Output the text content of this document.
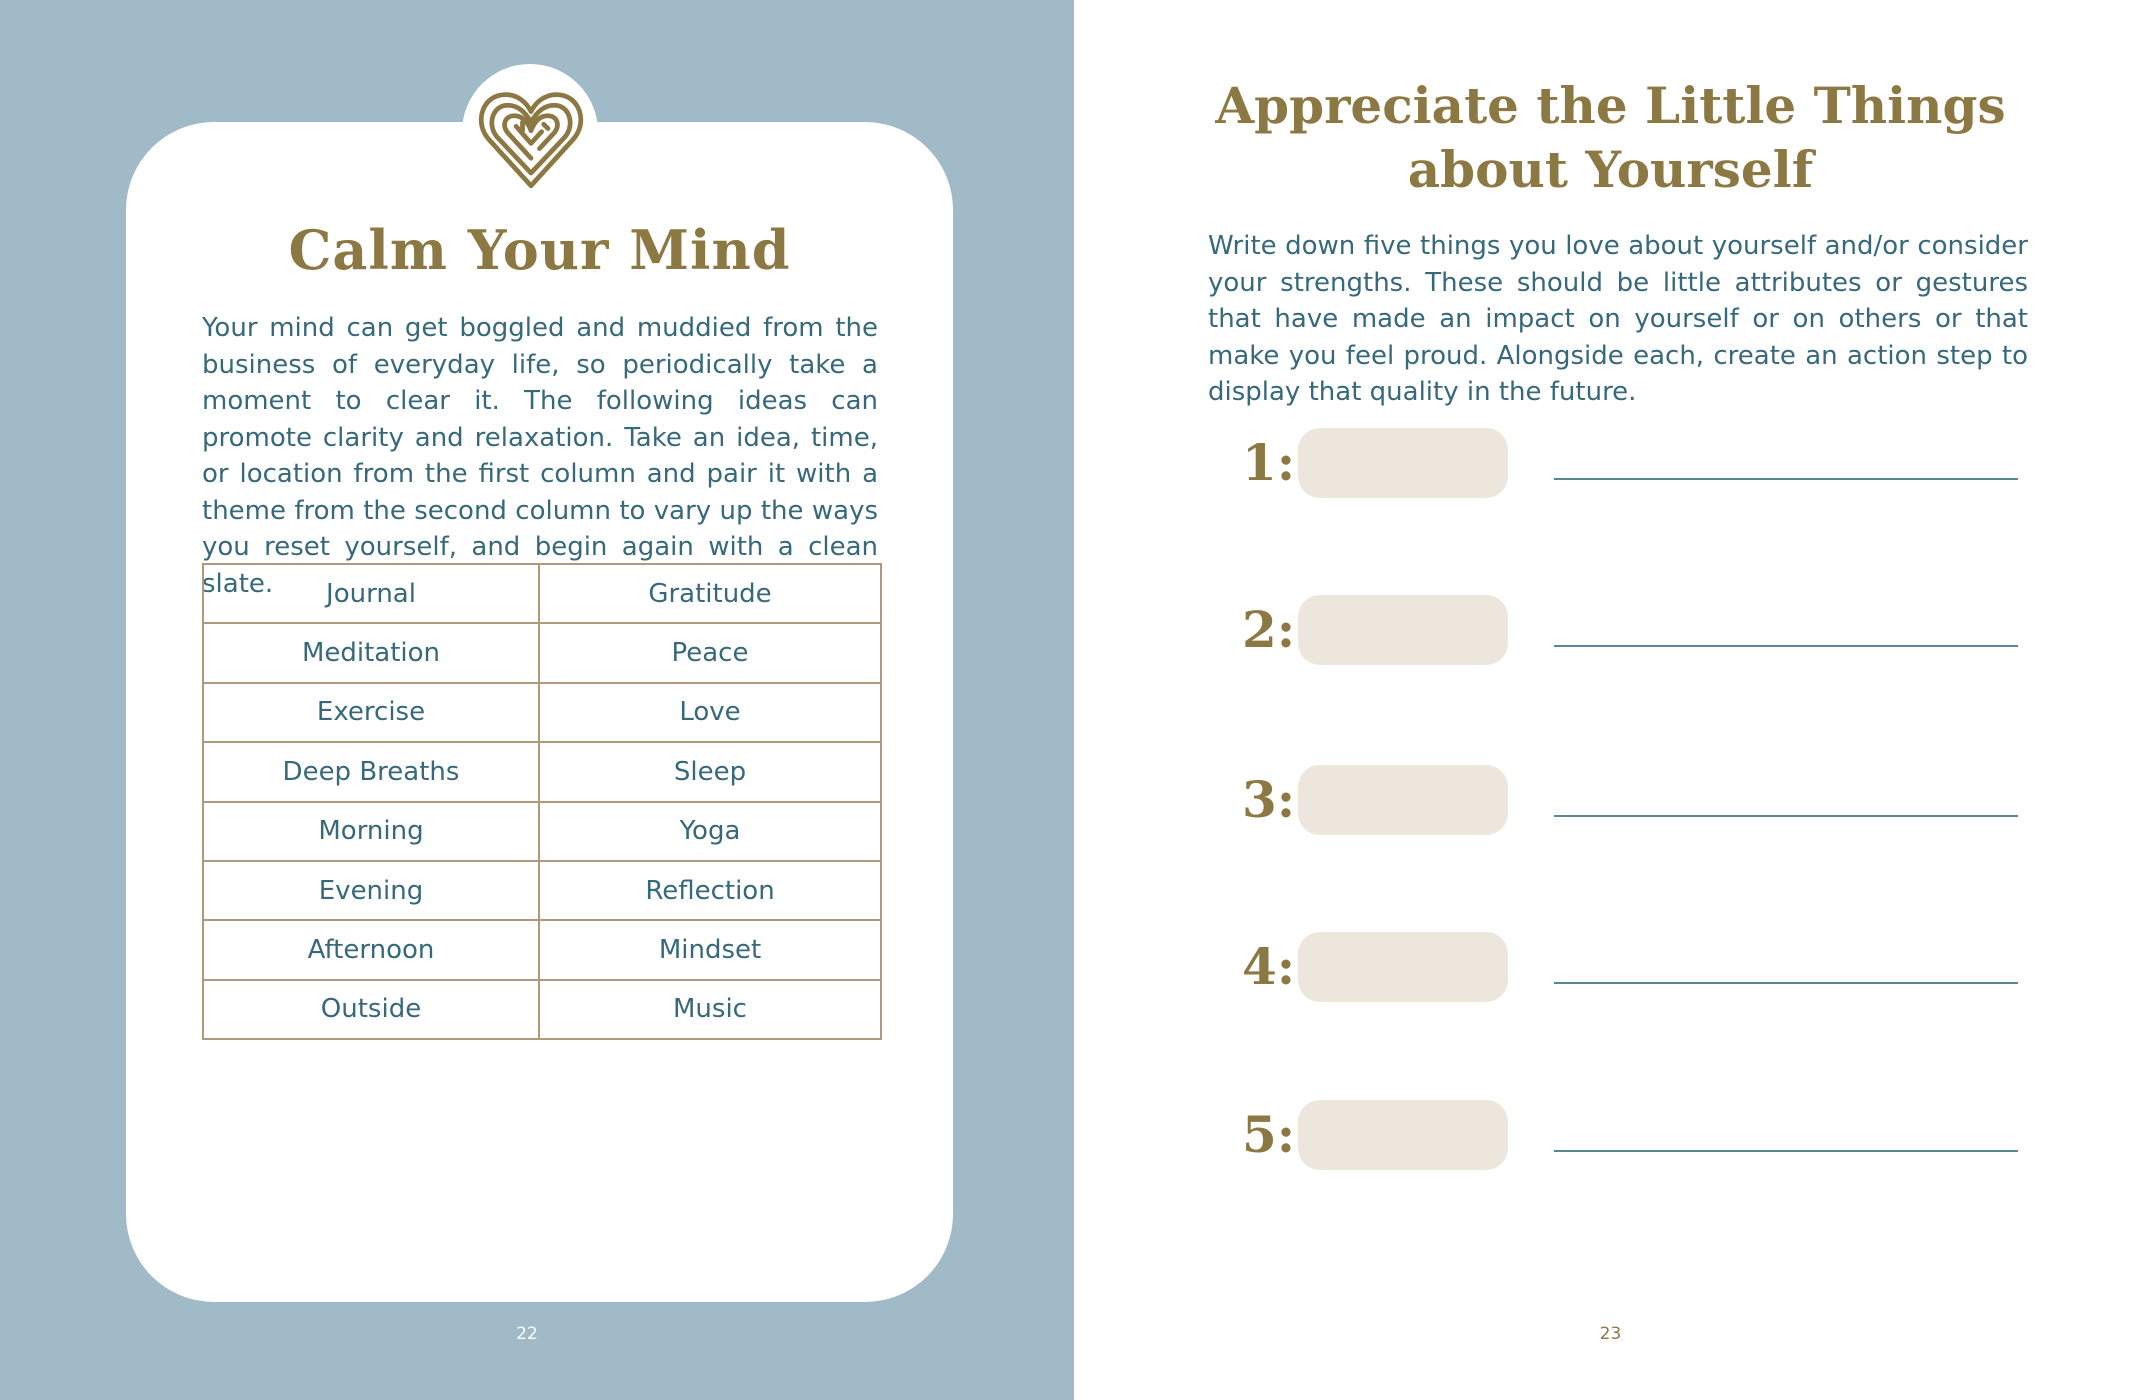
Calm Your Mind

Your mind can get boggled and muddied from the business of everyday life, so periodically take a moment to clear it. The following ideas can promote clarity and relaxation. Take an idea, time, or location from the first column and pair it with a theme from the second column to vary up the ways you reset yourself, and begin again with a clean slate.	Journal	Gratitude
Meditation	Peace
Exercise	Love
Deep Breaths	Sleep
Morning	Yoga
Evening	Reflection
Afternoon	Mindset
Outside	Music
22
Appreciate the Little Things
about Yourself

Write down five things you love about yourself and/or consider your strengths. These should be little attributes or gestures that have made an impact on yourself or on others or that make you feel proud. Alongside each, create an action step to display that quality in the future.

1:
2:
3:
4:
5:
23
